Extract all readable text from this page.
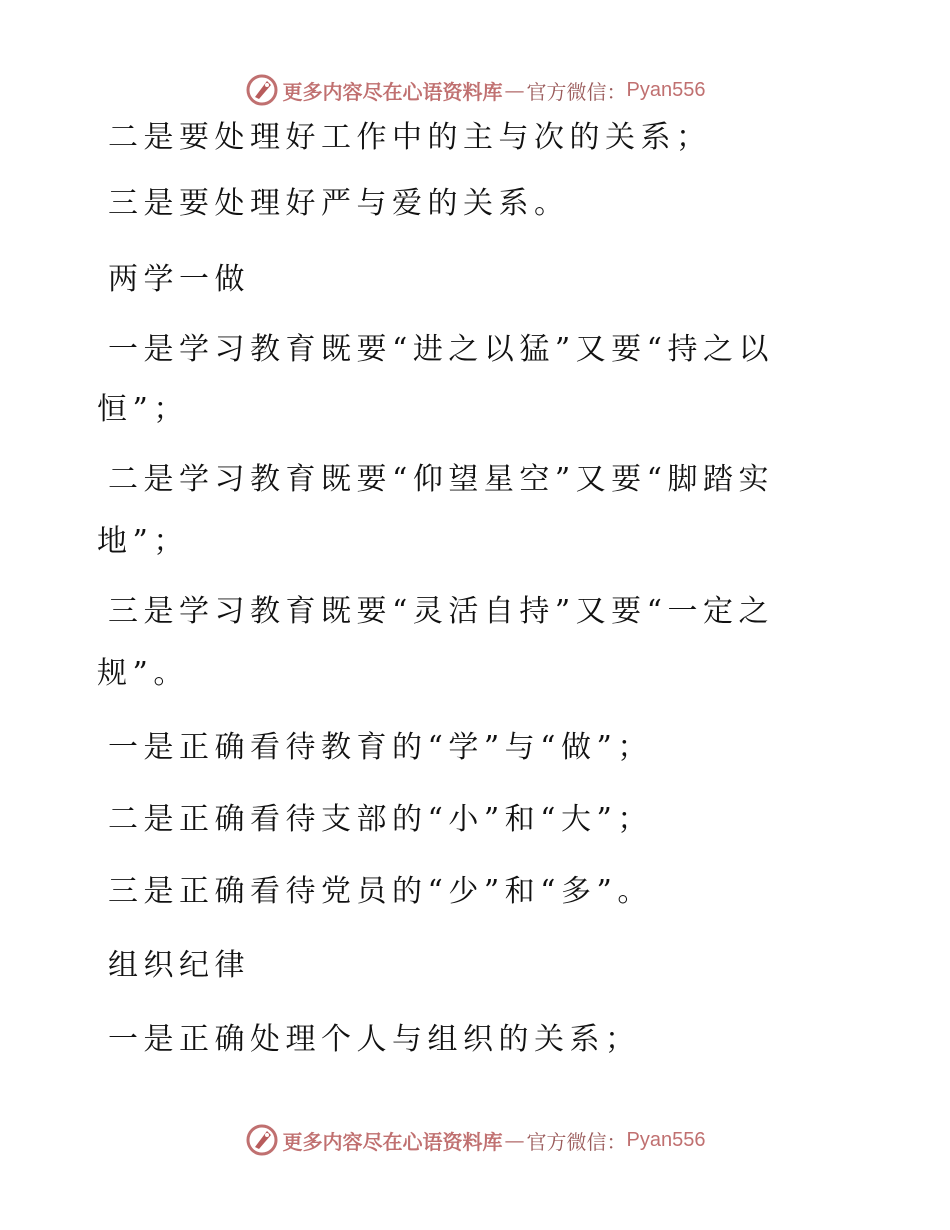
更多内容尽在心语资料库 — 官方微信： Pyan556
二是要处理好工作中的主与次的关系；
三是要处理好严与爱的关系。
两学一做
一是学习教育既要“进之以猛”又要“持之以
恒”；
二是学习教育既要“仰望星空”又要“脚踏实
地”；
三是学习教育既要“灵活自持”又要“一定之
规”。
一是正确看待教育的“学”与“做”；
二是正确看待支部的“小”和“大”；
三是正确看待党员的“少”和“多”。
组织纪律
一是正确处理个人与组织的关系；
更多内容尽在心语资料库 — 官方微信： Pyan556
